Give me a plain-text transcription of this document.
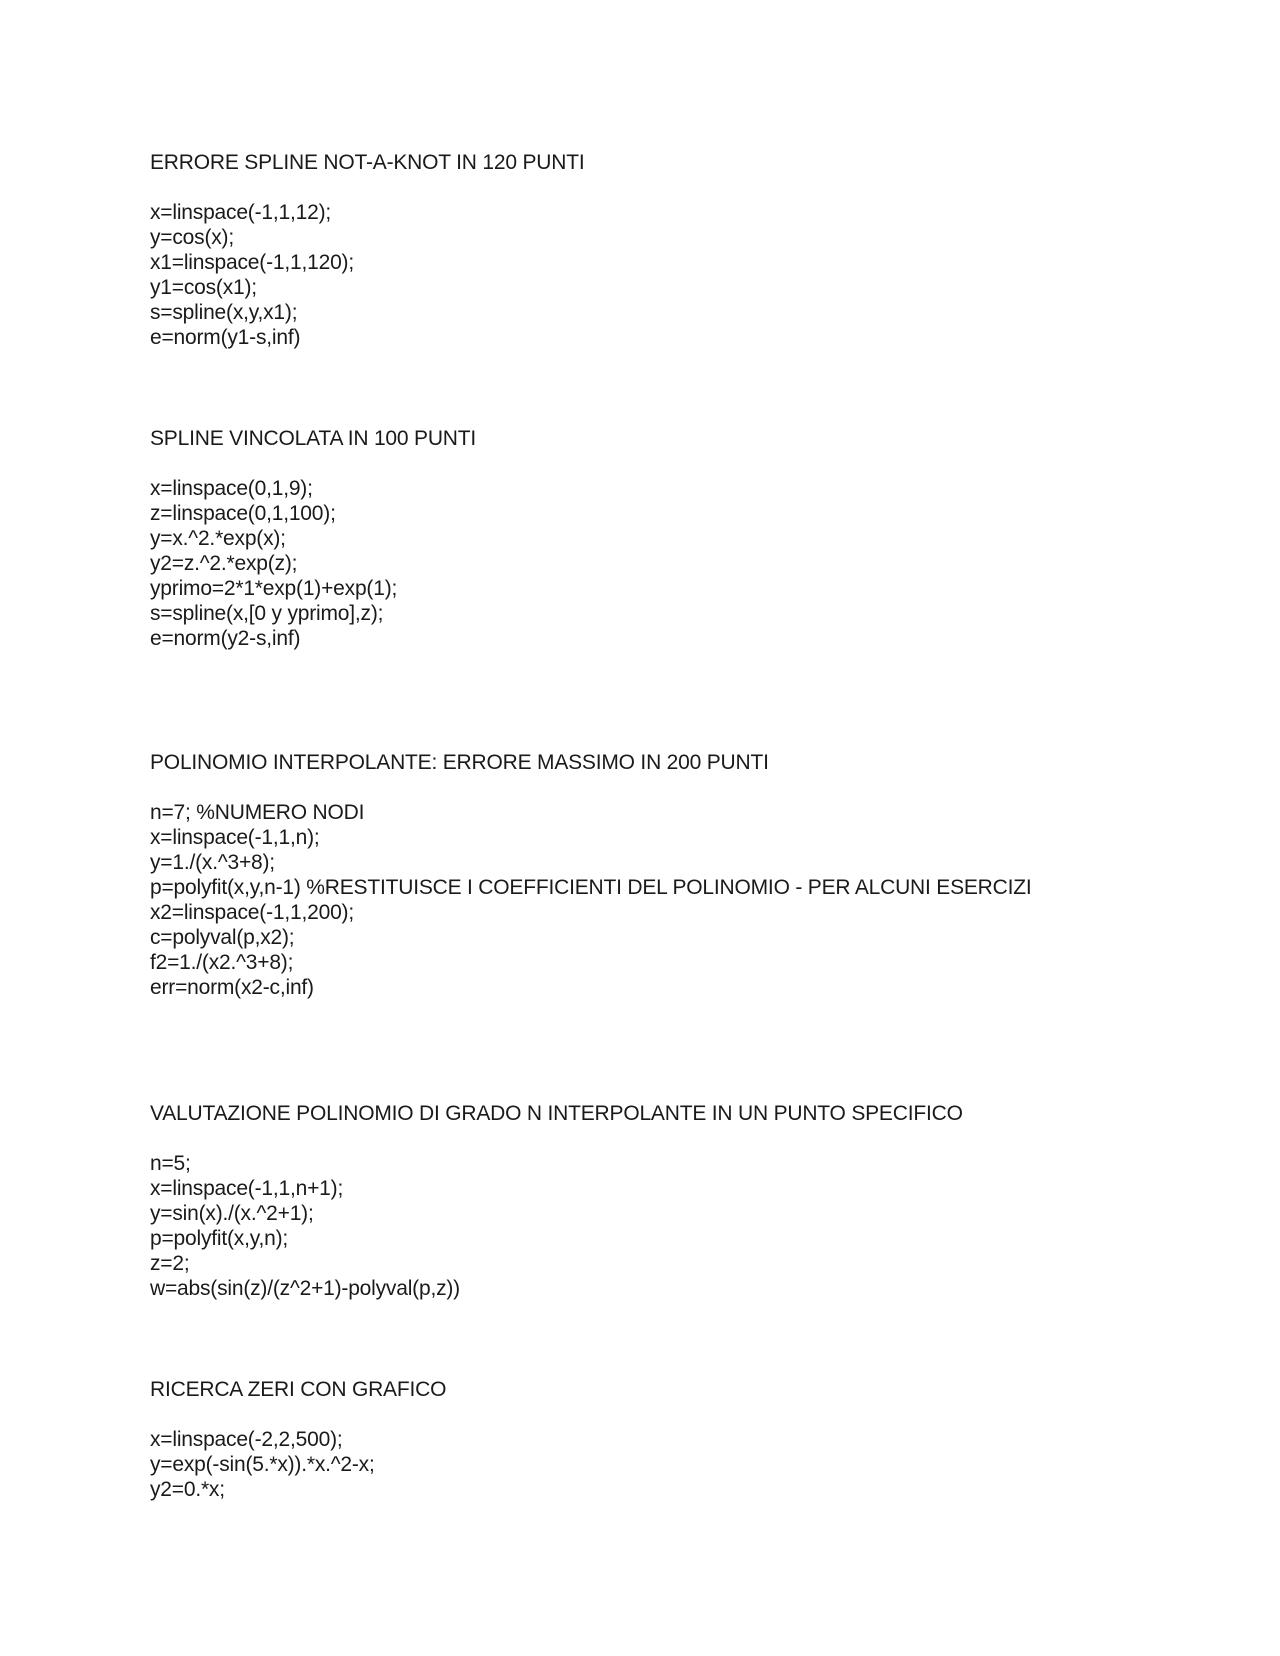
ERRORE SPLINE NOT-A-KNOT IN 120 PUNTI
x=linspace(-1,1,12);
y=cos(x);
x1=linspace(-1,1,120);
y1=cos(x1);
s=spline(x,y,x1);
e=norm(y1-s,inf)
SPLINE VINCOLATA IN 100 PUNTI
x=linspace(0,1,9);
z=linspace(0,1,100);
y=x.^2.*exp(x);
y2=z.^2.*exp(z);
yprimo=2*1*exp(1)+exp(1);
s=spline(x,[0 y yprimo],z);
e=norm(y2-s,inf)
POLINOMIO INTERPOLANTE: ERRORE MASSIMO IN 200 PUNTI
n=7; %NUMERO NODI
x=linspace(-1,1,n);
y=1./(x.^3+8);
p=polyfit(x,y,n-1) %RESTITUISCE I COEFFICIENTI DEL POLINOMIO - PER ALCUNI ESERCIZI
x2=linspace(-1,1,200);
c=polyval(p,x2);
f2=1./(x2.^3+8);
err=norm(x2-c,inf)
VALUTAZIONE POLINOMIO DI GRADO N INTERPOLANTE IN UN PUNTO SPECIFICO
n=5;
x=linspace(-1,1,n+1);
y=sin(x)./(x.^2+1);
p=polyfit(x,y,n);
z=2;
w=abs(sin(z)/(z^2+1)-polyval(p,z))
RICERCA ZERI CON GRAFICO
x=linspace(-2,2,500);
y=exp(-sin(5.*x)).*x.^2-x;
y2=0.*x;
